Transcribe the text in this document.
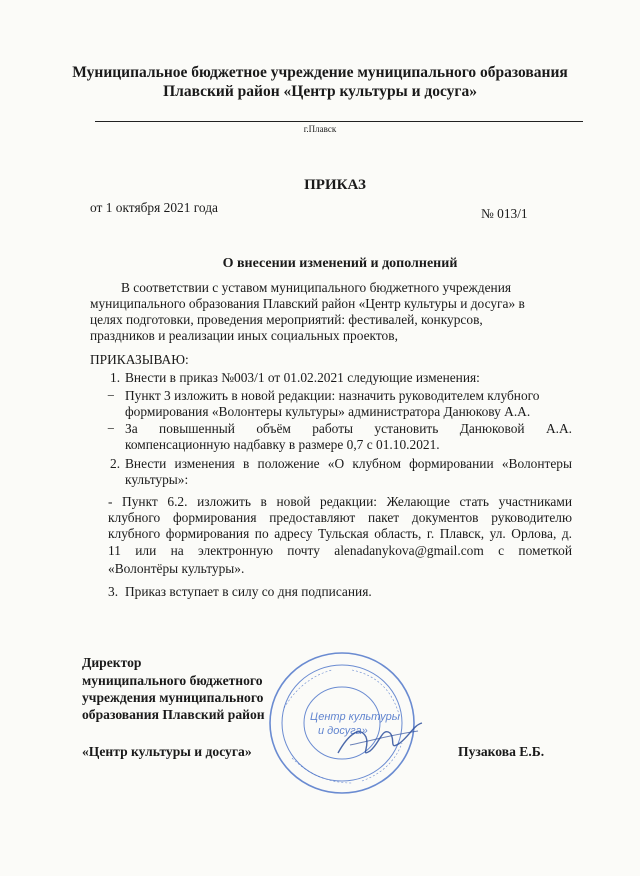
Муниципальное бюджетное учреждение муниципального образования
Плавский район «Центр культуры и досуга»
г.Плавск
ПРИКАЗ
от 1 октября 2021 года	№ 013/1
О внесении изменений и дополнений
В соответствии с уставом муниципального бюджетного учреждения
муниципального образования Плавский район «Центр культуры и досуга» в
целях подготовки, проведения мероприятий: фестивалей, конкурсов,
праздников и реализации иных социальных проектов,
ПРИКАЗЫВАЮ:
1. Внести в приказ №003/1 от 01.02.2021 следующие изменения:
− Пункт 3 изложить в новой редакции: назначить руководителем клубного
формирования «Волонтеры культуры» администратора Данюкову А.А.
− За повышенный объём работы установить Данюковой А.А.
компенсационную надбавку в размере 0,7 с 01.10.2021.
2. Внести изменения в положение «О клубном формировании «Волонтеры
культуры»:
- Пункт 6.2. изложить в новой редакции: Желающие стать участниками
клубного формирования предоставляют пакет документов руководителю
клубного формирования по адресу Тульская область, г. Плавск, ул. Орлова, д.
11 или на электронную почту alenadanykova@gmail.com с пометкой
«Волонтёры культуры».
3. Приказ вступает в силу со дня подписания.
Центр культуры
и досуга»
Директор
муниципального бюджетного
учреждения муниципального
образования Плавский район
«Центр культуры и досуга»	Пузакова Е.Б.
